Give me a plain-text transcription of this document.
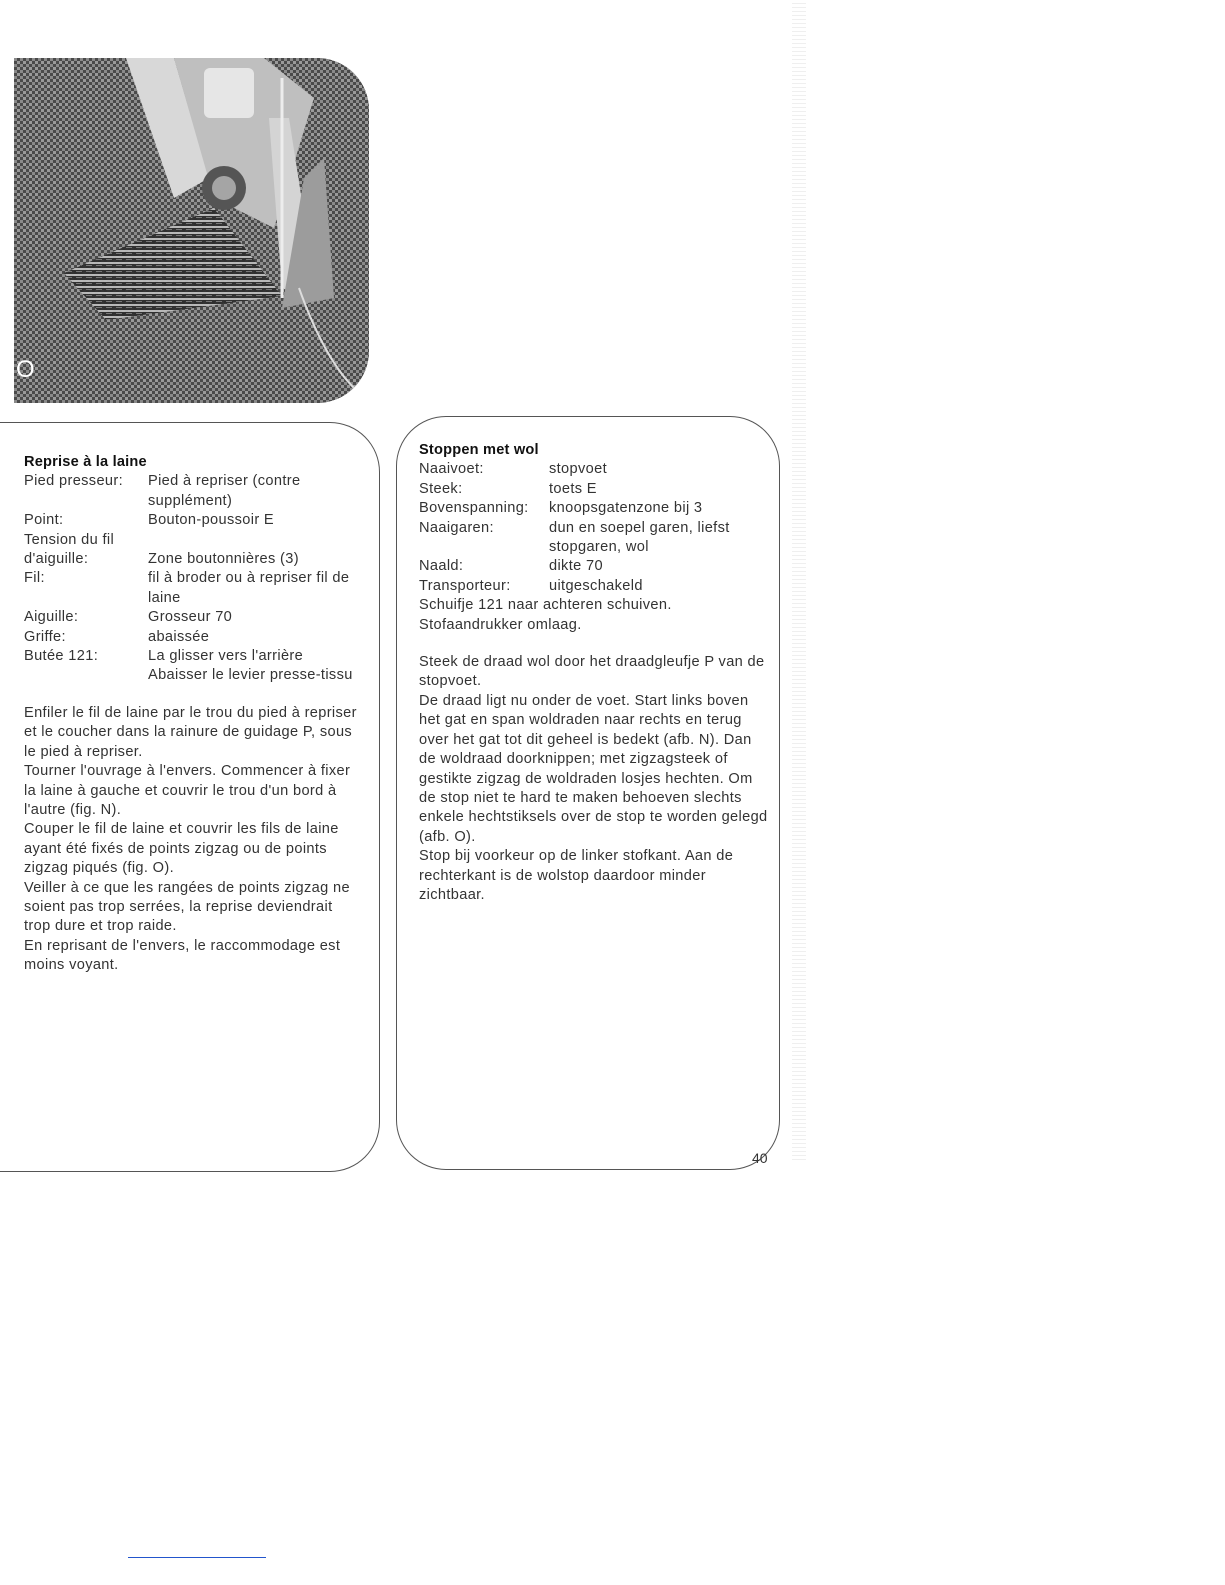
O
Reprise à la laine
Pied presseur:	Pied à repriser (contre supplément)
Point:	Bouton-poussoir E
Tension du fil d'aiguille:	Zone boutonnières (3)
Fil:	fil à broder ou à repriser fil de laine
Aiguille:	Grosseur 70
Griffe:	abaissée
Butée 121:	La glisser vers l'arrière Abaisser le levier presse-tissu
Enfiler le fil de laine par le trou du pied à repriser et le coucher dans la rainure de guidage P, sous le pied à repriser.
Tourner l'ouvrage à l'envers. Commencer à fixer la laine à gauche et couvrir le trou d'un bord à l'autre (fig. N).
Couper le fil de laine et couvrir les fils de laine ayant été fixés de points zigzag ou de points zigzag piqués (fig. O).
Veiller à ce que les rangées de points zigzag ne soient pas trop serrées, la reprise deviendrait trop dure et trop raide.
En reprisant de l'envers, le raccommodage est moins voyant.
Stoppen met wol
Naaivoet:	stopvoet
Steek:	toets E
Bovenspanning:	knoopsgatenzone bij 3
Naaigaren:	dun en soepel garen, liefst stopgaren, wol
Naald:	dikte 70
Transporteur:	uitgeschakeld
Schuifje 121 naar achteren schuiven.
Stofaandrukker omlaag.
Steek de draad wol door het draadgleufje P van de stopvoet.
De draad ligt nu onder de voet. Start links boven het gat en span woldraden naar rechts en terug over het gat tot dit geheel is bedekt (afb. N). Dan de woldraad doorknippen; met zigzagsteek of gestikte zigzag de woldraden losjes hechten. Om de stop niet te hard te maken behoeven slechts enkele hechtstiksels over de stop te worden gelegd (afb. O).
Stop bij voorkeur op de linker stofkant. Aan de rechterkant is de wolstop daardoor minder zichtbaar.
40
